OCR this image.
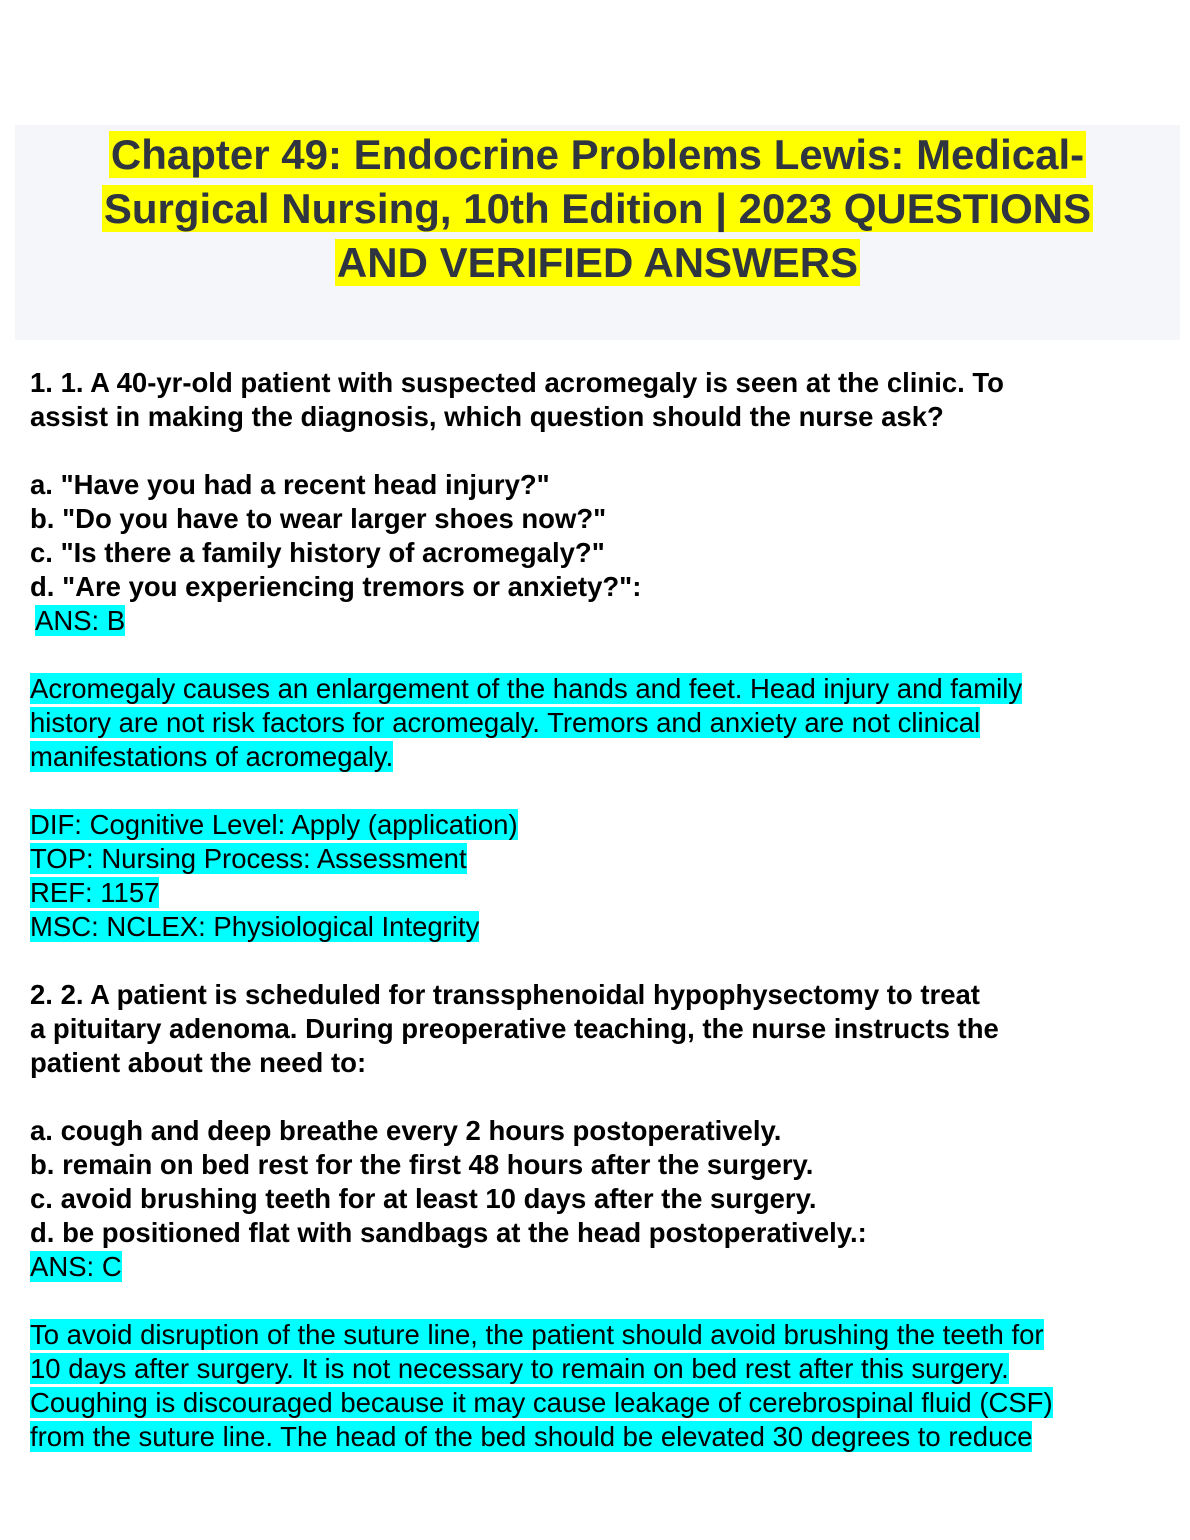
Chapter 49: Endocrine Problems Lewis: Medical-
Surgical Nursing, 10th Edition | 2023 QUESTIONS
AND VERIFIED ANSWERS
1. 1. A 40-yr-old patient with suspected acromegaly is seen at the clinic. To
assist in making the diagnosis, which question should the nurse ask?
a. "Have you had a recent head injury?"
b. "Do you have to wear larger shoes now?"
c. "Is there a family history of acromegaly?"
d. "Are you experiencing tremors or anxiety?":
ANS: B
Acromegaly causes an enlargement of the hands and feet. Head injury and family
history are not risk factors for acromegaly. Tremors and anxiety are not clinical
manifestations of acromegaly.
DIF: Cognitive Level: Apply (application)
TOP: Nursing Process: Assessment
REF: 1157
MSC: NCLEX: Physiological Integrity
2. 2. A patient is scheduled for transsphenoidal hypophysectomy to treat
a pituitary adenoma. During preoperative teaching, the nurse instructs the
patient about the need to:
a. cough and deep breathe every 2 hours postoperatively.
b. remain on bed rest for the first 48 hours after the surgery.
c. avoid brushing teeth for at least 10 days after the surgery.
d. be positioned flat with sandbags at the head postoperatively.:
ANS: C
To avoid disruption of the suture line, the patient should avoid brushing the teeth for
10 days after surgery. It is not necessary to remain on bed rest after this surgery.
Coughing is discouraged because it may cause leakage of cerebrospinal fluid (CSF)
from the suture line. The head of the bed should be elevated 30 degrees to reduce
